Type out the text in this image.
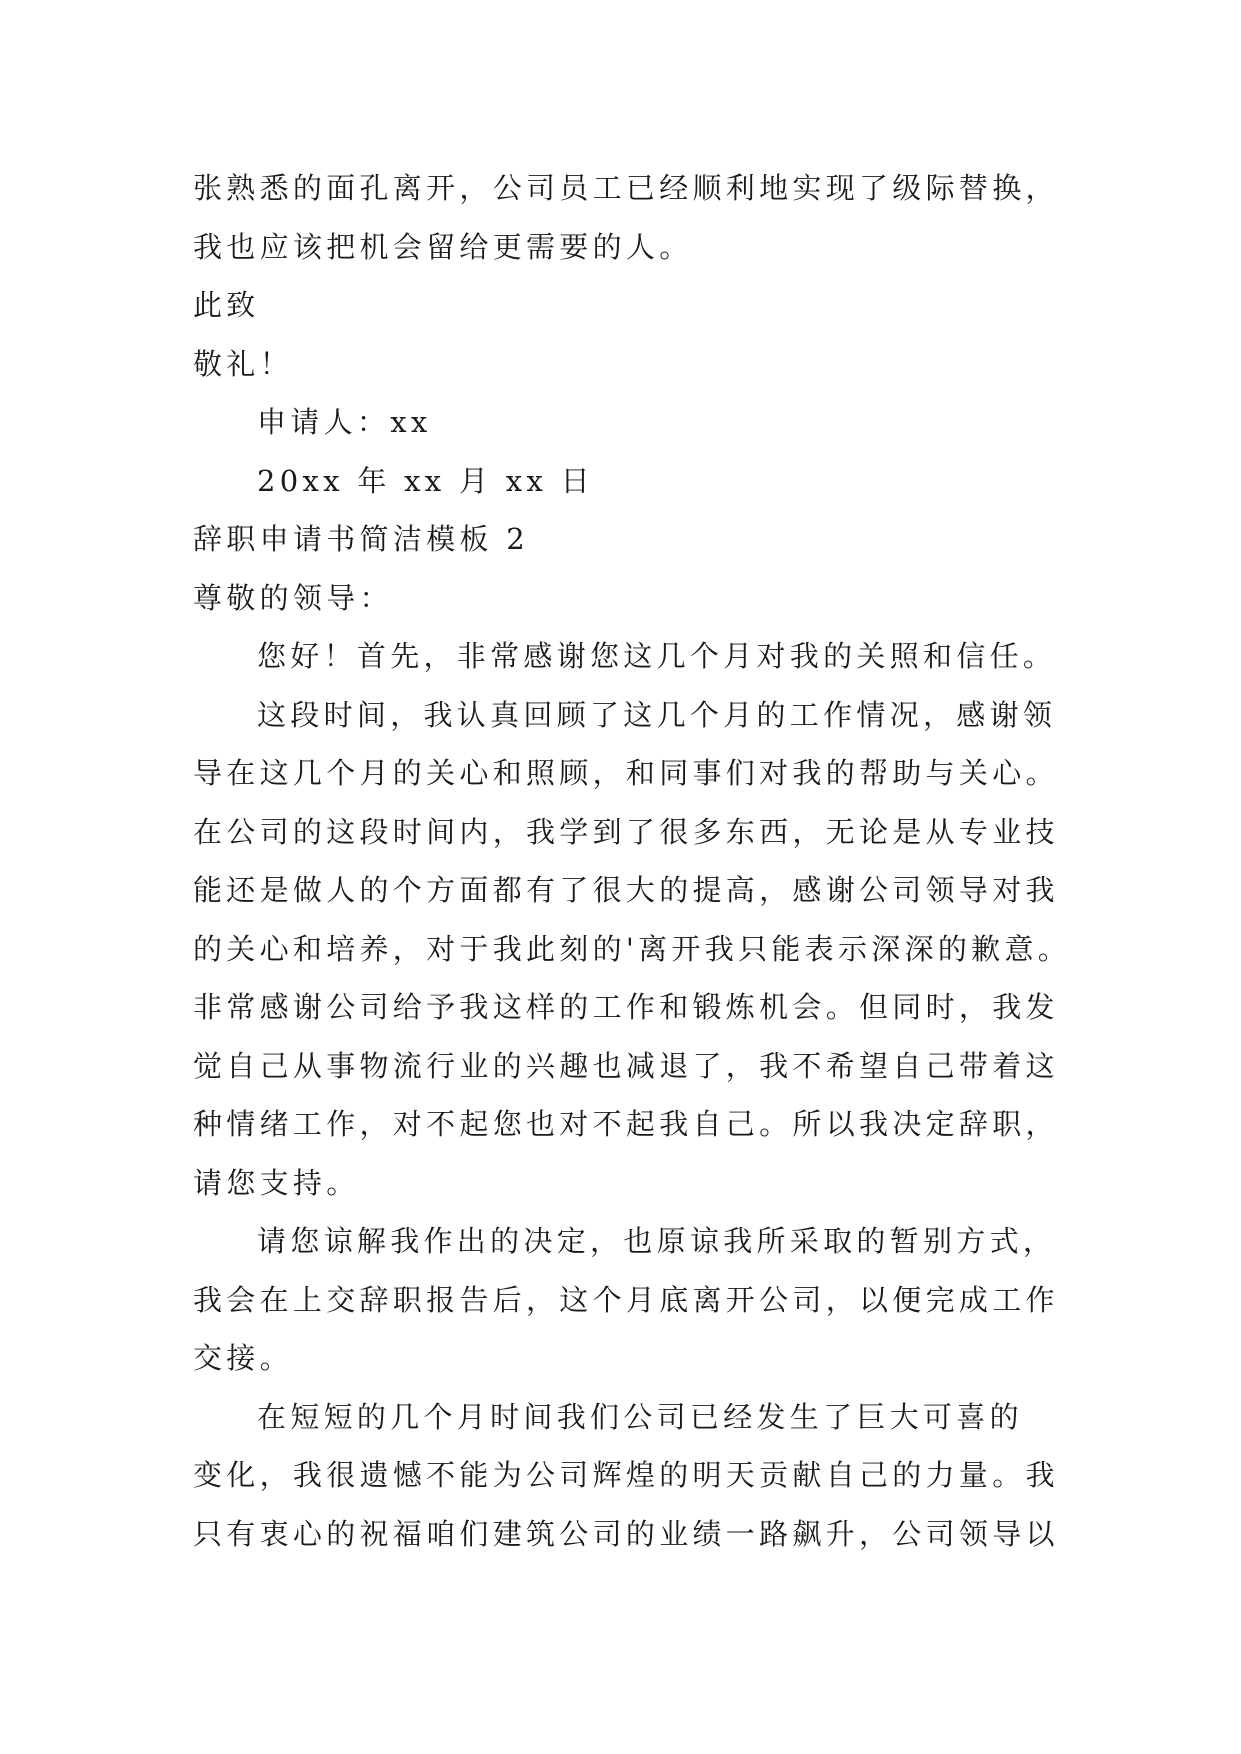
张熟悉的面孔离开，公司员工已经顺利地实现了级际替换，
我也应该把机会留给更需要的人。
此致
敬礼！
申请人：xx
20xx 年 xx 月 xx 日
辞职申请书简洁模板 2
尊敬的领导：
您好！首先，非常感谢您这几个月对我的关照和信任。
这段时间，我认真回顾了这几个月的工作情况，感谢领
导在这几个月的关心和照顾，和同事们对我的帮助与关心。
在公司的这段时间内，我学到了很多东西，无论是从专业技
能还是做人的个方面都有了很大的提高，感谢公司领导对我
的关心和培养，对于我此刻的'离开我只能表示深深的歉意。
非常感谢公司给予我这样的工作和锻炼机会。但同时，我发
觉自己从事物流行业的兴趣也减退了，我不希望自己带着这
种情绪工作，对不起您也对不起我自己。所以我决定辞职，
请您支持。
请您谅解我作出的决定，也原谅我所采取的暂别方式，
我会在上交辞职报告后，这个月底离开公司，以便完成工作
交接。
在短短的几个月时间我们公司已经发生了巨大可喜的
变化，我很遗憾不能为公司辉煌的明天贡献自己的力量。我
只有衷心的祝福咱们建筑公司的业绩一路飙升，公司领导以
